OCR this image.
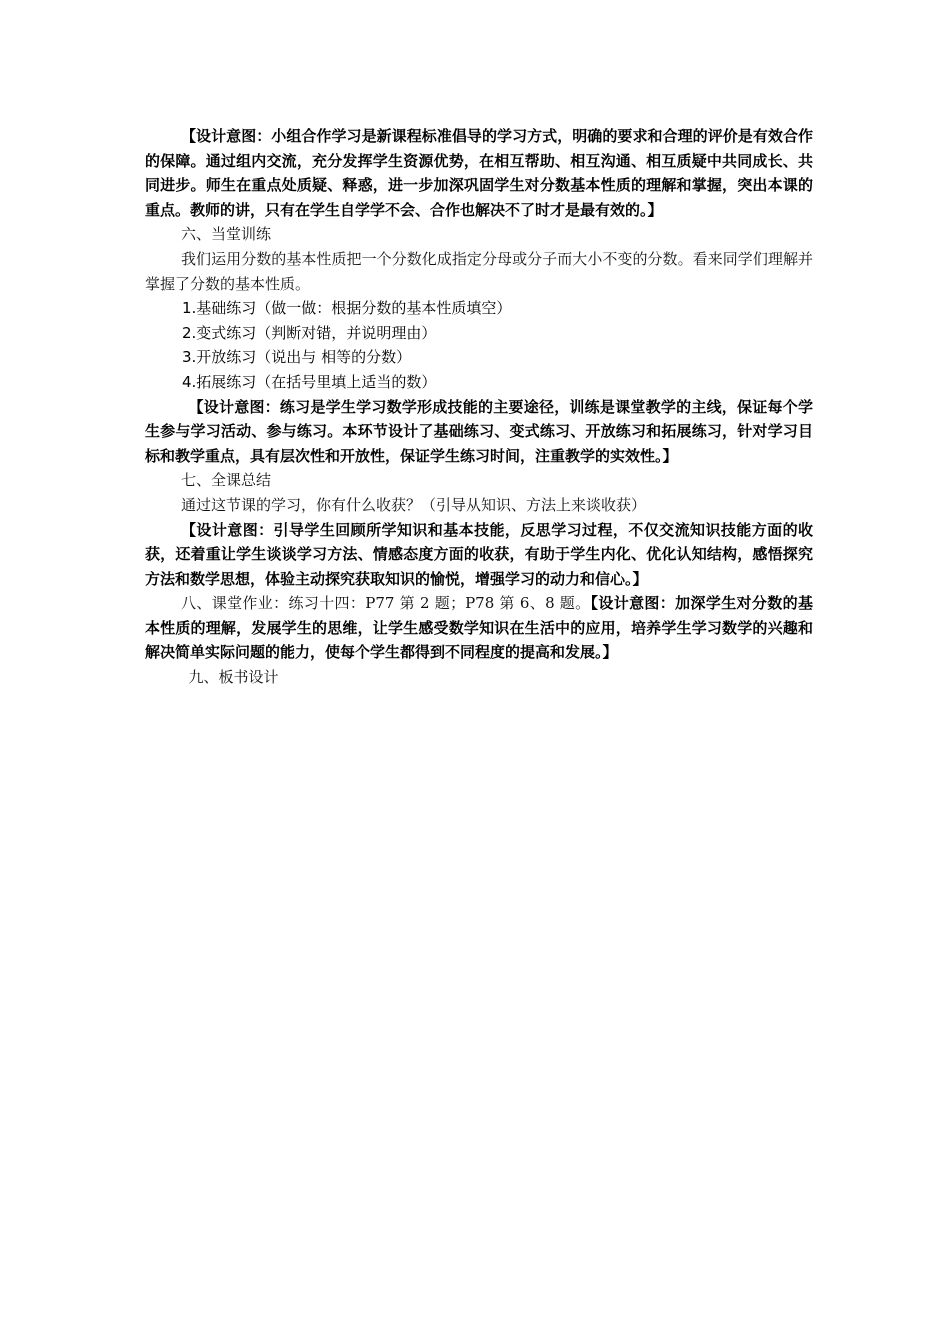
【设计意图：小组合作学习是新课程标准倡导的学习方式，明确的要求和合理的评价是有效合作的保障。通过组内交流，充分发挥学生资源优势，在相互帮助、相互沟通、相互质疑中共同成长、共同进步。师生在重点处质疑、释惑，进一步加深巩固学生对分数基本性质的理解和掌握，突出本课的重点。教师的讲，只有在学生自学学不会、合作也解决不了时才是最有效的。】

六、当堂训练

我们运用分数的基本性质把一个分数化成指定分母或分子而大小不变的分数。看来同学们理解并掌握了分数的基本性质。

1.基础练习（做一做：根据分数的基本性质填空）

2.变式练习（判断对错，并说明理由）

3.开放练习（说出与 相等的分数）

4.拓展练习（在括号里填上适当的数）

【设计意图：练习是学生学习数学形成技能的主要途径，训练是课堂教学的主线，保证每个学生参与学习活动、参与练习。本环节设计了基础练习、变式练习、开放练习和拓展练习，针对学习目标和教学重点，具有层次性和开放性，保证学生练习时间，注重教学的实效性。】

七、全课总结

通过这节课的学习，你有什么收获？（引导从知识、方法上来谈收获）

【设计意图：引导学生回顾所学知识和基本技能，反思学习过程，不仅交流知识技能方面的收获，还着重让学生谈谈学习方法、情感态度方面的收获，有助于学生内化、优化认知结构，感悟探究方法和数学思想，体验主动探究获取知识的愉悦，增强学习的动力和信心。】

八、课堂作业：练习十四：P77 第 2 题；P78 第 6、8 题。【设计意图：加深学生对分数的基本性质的理解，发展学生的思维，让学生感受数学知识在生活中的应用，培养学生学习数学的兴趣和解决简单实际问题的能力，使每个学生都得到不同程度的提高和发展。】

九、板书设计
